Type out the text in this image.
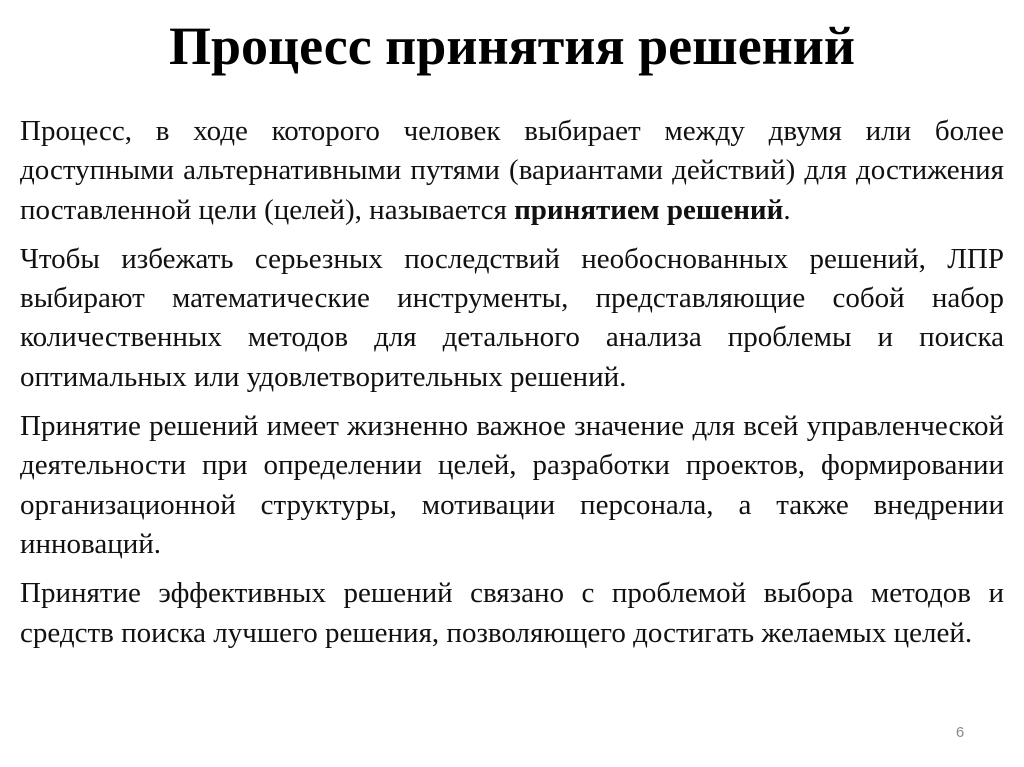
Процесс принятия решений

Процесс, в ходе которого человек выбирает между двумя или более доступными альтернативными путями (вариантами действий) для достижения поставленной цели (целей), называется принятием решений.

Чтобы избежать серьезных последствий необоснованных решений, ЛПР выбирают математические инструменты, представляющие собой набор количественных методов для детального анализа проблемы и поиска оптимальных или удовлетворительных решений.

Принятие решений имеет жизненно важное значение для всей управленческой деятельности при определении целей, разработки проектов, формировании организационной структуры, мотивации персонала, а также внедрении инноваций.

Принятие эффективных решений связано с проблемой выбора методов и средств поиска лучшего решения, позволяющего достигать желаемых целей.

6
